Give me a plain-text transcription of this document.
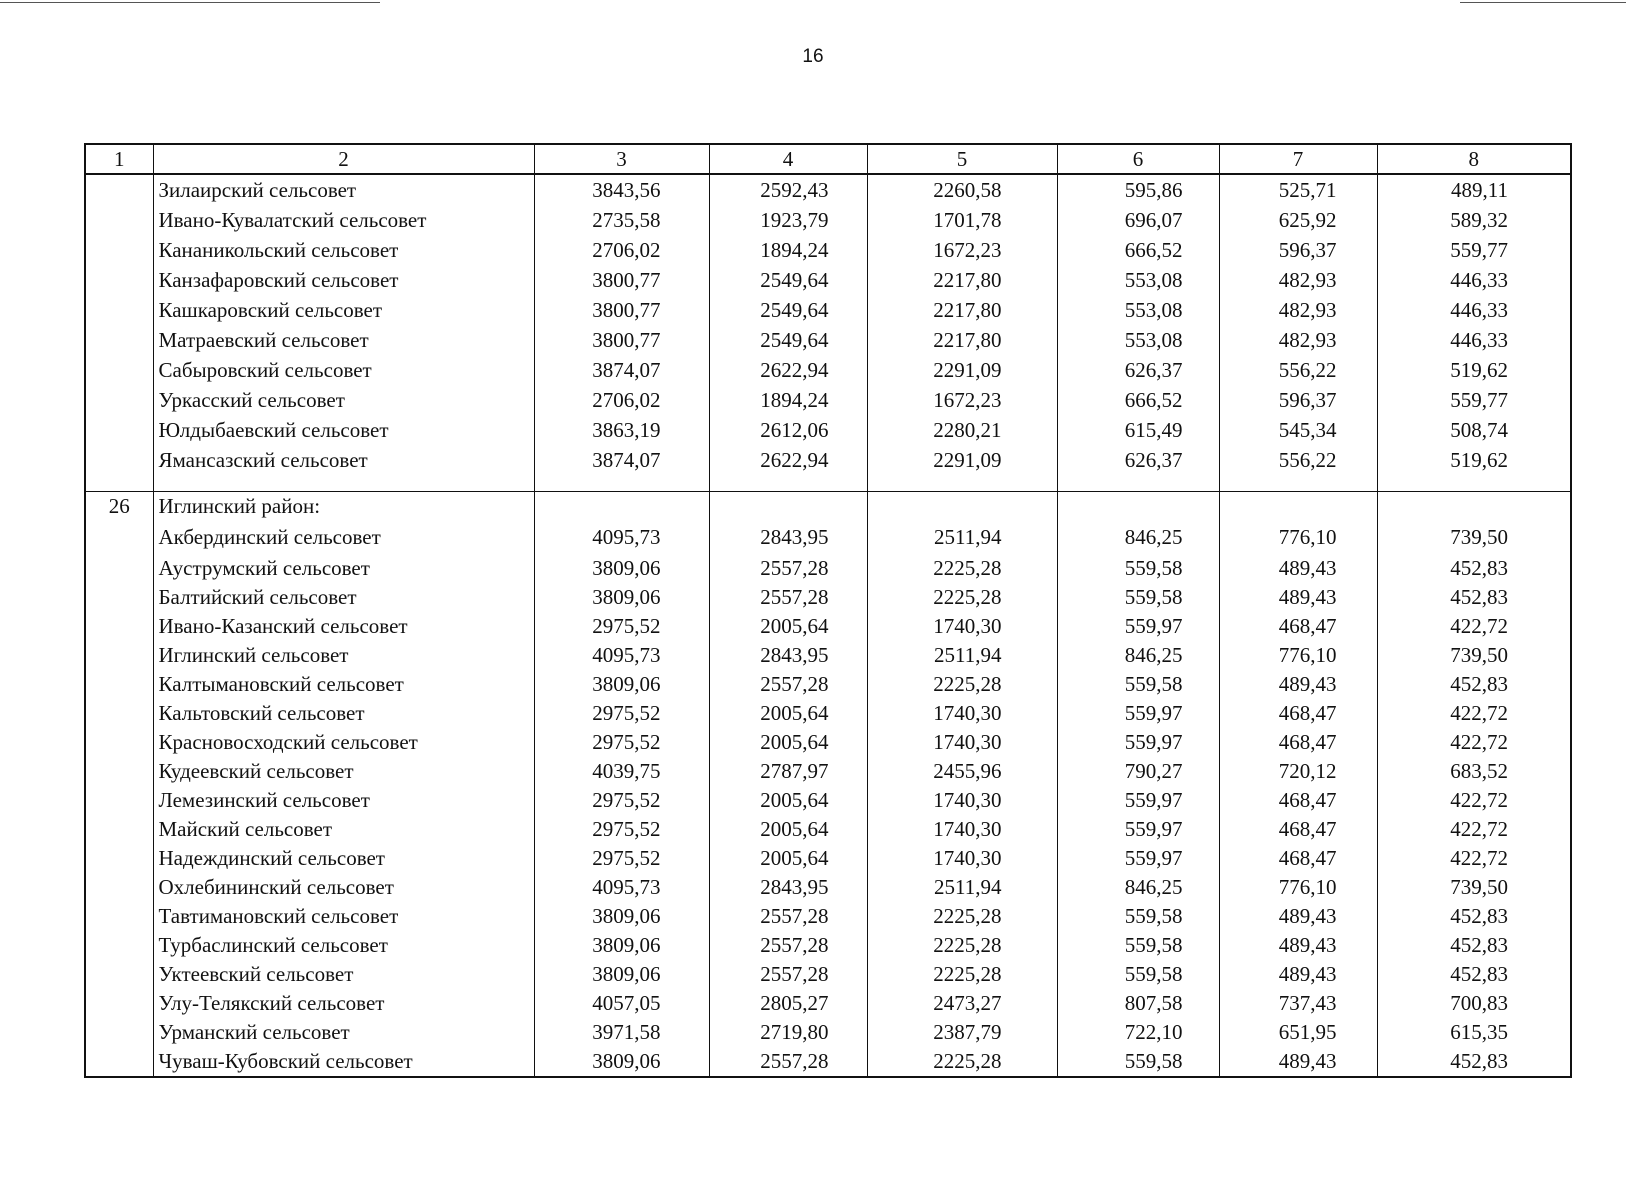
16
1	2	3	4	5	6	7	8
	Зилаирский сельсовет	3843,56	2592,43	2260,58	595,86	525,71	489,11
	Ивано-Кувалатский сельсовет	2735,58	1923,79	1701,78	696,07	625,92	589,32
	Кананикольский сельсовет	2706,02	1894,24	1672,23	666,52	596,37	559,77
	Канзафаровский сельсовет	3800,77	2549,64	2217,80	553,08	482,93	446,33
	Кашкаровский сельсовет	3800,77	2549,64	2217,80	553,08	482,93	446,33
	Матраевский сельсовет	3800,77	2549,64	2217,80	553,08	482,93	446,33
	Сабыровский сельсовет	3874,07	2622,94	2291,09	626,37	556,22	519,62
	Уркасский сельсовет	2706,02	1894,24	1672,23	666,52	596,37	559,77
	Юлдыбаевский сельсовет	3863,19	2612,06	2280,21	615,49	545,34	508,74
	Ямансазский сельсовет	3874,07	2622,94	2291,09	626,37	556,22	519,62

26	Иглинский район:						
	Акбердинский сельсовет	4095,73	2843,95	2511,94	846,25	776,10	739,50
	Ауструмский сельсовет	3809,06	2557,28	2225,28	559,58	489,43	452,83
	Балтийский сельсовет	3809,06	2557,28	2225,28	559,58	489,43	452,83
	Ивано-Казанский сельсовет	2975,52	2005,64	1740,30	559,97	468,47	422,72
	Иглинский сельсовет	4095,73	2843,95	2511,94	846,25	776,10	739,50
	Калтымановский сельсовет	3809,06	2557,28	2225,28	559,58	489,43	452,83
	Кальтовский сельсовет	2975,52	2005,64	1740,30	559,97	468,47	422,72
	Красновосходский сельсовет	2975,52	2005,64	1740,30	559,97	468,47	422,72
	Кудеевский сельсовет	4039,75	2787,97	2455,96	790,27	720,12	683,52
	Лемезинский сельсовет	2975,52	2005,64	1740,30	559,97	468,47	422,72
	Майский сельсовет	2975,52	2005,64	1740,30	559,97	468,47	422,72
	Надеждинский сельсовет	2975,52	2005,64	1740,30	559,97	468,47	422,72
	Охлебининский сельсовет	4095,73	2843,95	2511,94	846,25	776,10	739,50
	Тавтимановский сельсовет	3809,06	2557,28	2225,28	559,58	489,43	452,83
	Турбаслинский сельсовет	3809,06	2557,28	2225,28	559,58	489,43	452,83
	Уктеевский сельсовет	3809,06	2557,28	2225,28	559,58	489,43	452,83
	Улу-Телякский сельсовет	4057,05	2805,27	2473,27	807,58	737,43	700,83
	Урманский сельсовет	3971,58	2719,80	2387,79	722,10	651,95	615,35
	Чуваш-Кубовский сельсовет	3809,06	2557,28	2225,28	559,58	489,43	452,83
